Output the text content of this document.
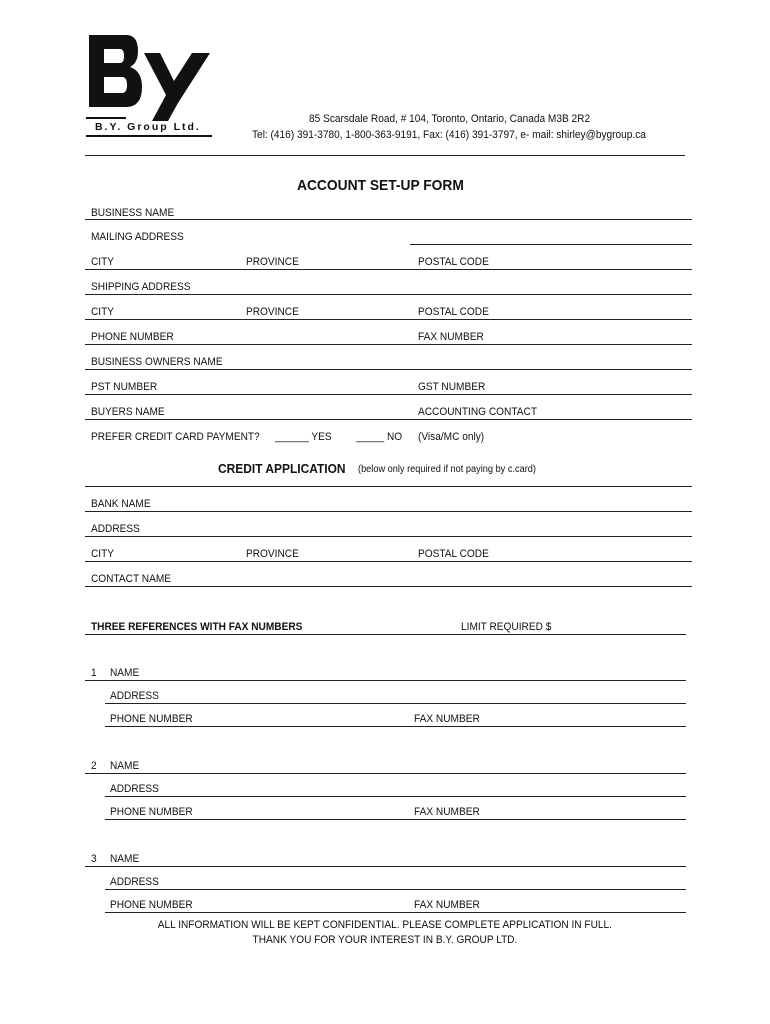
B.Y. Group Ltd.
85 Scarsdale Road, # 104, Toronto, Ontario, Canada M3B 2R2
Tel: (416) 391-3780, 1-800-363-9191, Fax: (416) 391-3797, e- mail: shirley@bygroup.ca
ACCOUNT SET-UP FORM
BUSINESS NAME
MAILING ADDRESS
CITY	PROVINCE	POSTAL CODE
SHIPPING ADDRESS
CITY	PROVINCE	POSTAL CODE
PHONE NUMBER	FAX NUMBER
BUSINESS OWNERS NAME
PST NUMBER	GST NUMBER
BUYERS NAME	ACCOUNTING CONTACT
PREFER CREDIT CARD PAYMENT? ______ YES _____ NO (Visa/MC only)
CREDIT APPLICATION (below only required if not paying by c.card)
BANK NAME
ADDRESS
CITY	PROVINCE	POSTAL CODE
CONTACT NAME
THREE REFERENCES WITH FAX NUMBERS	LIMIT REQUIRED $
1 NAME
ADDRESS
PHONE NUMBER	FAX NUMBER
2 NAME
ADDRESS
PHONE NUMBER	FAX NUMBER
3 NAME
ADDRESS
PHONE NUMBER	FAX NUMBER
ALL INFORMATION WILL BE KEPT CONFIDENTIAL. PLEASE COMPLETE APPLICATION IN FULL.
THANK YOU FOR YOUR INTEREST IN B.Y. GROUP LTD.
